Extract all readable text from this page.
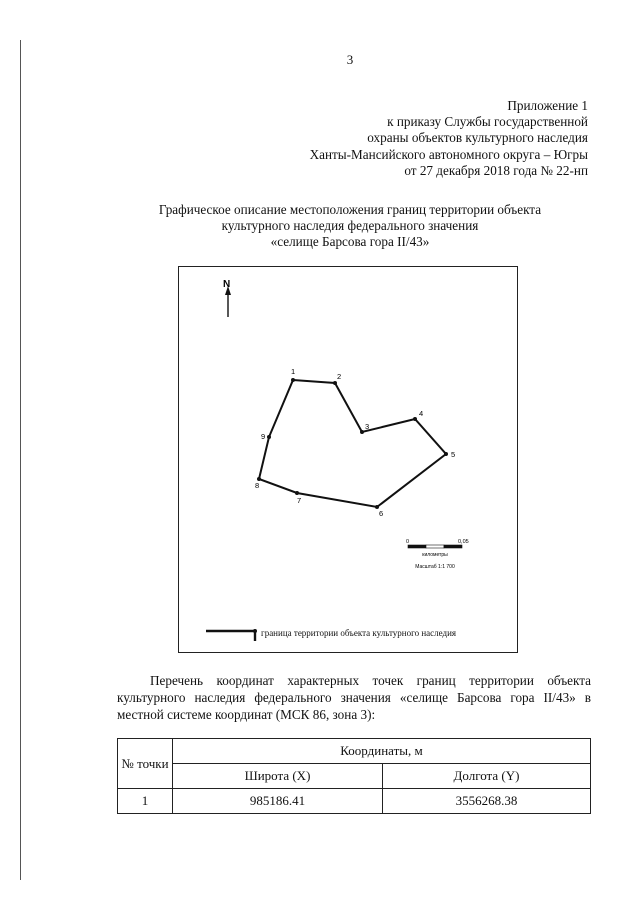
3
Приложение 1
к приказу Службы государственной
охраны объектов культурного наследия
Ханты-Мансийского автономного округа – Югры
от 27 декабря 2018 года № 22-нп
Графическое описание местоположения границ территории объекта
культурного наследия федерального значения
«селище Барсова гора II/43»
N
1
2
3
4
5
6
7
8
9
0	0,05
километры
Масштаб 1:1 700
граница территории объекта культурного наследия
Перечень координат характерных точек границ территории объекта культурного наследия федерального значения «селище Барсова гора II/43» в местной системе координат (МСК 86, зона 3):
№ точки	Координаты, м	
	Широта (X)	Долгота (Y)
1	985186.41	3556268.38
